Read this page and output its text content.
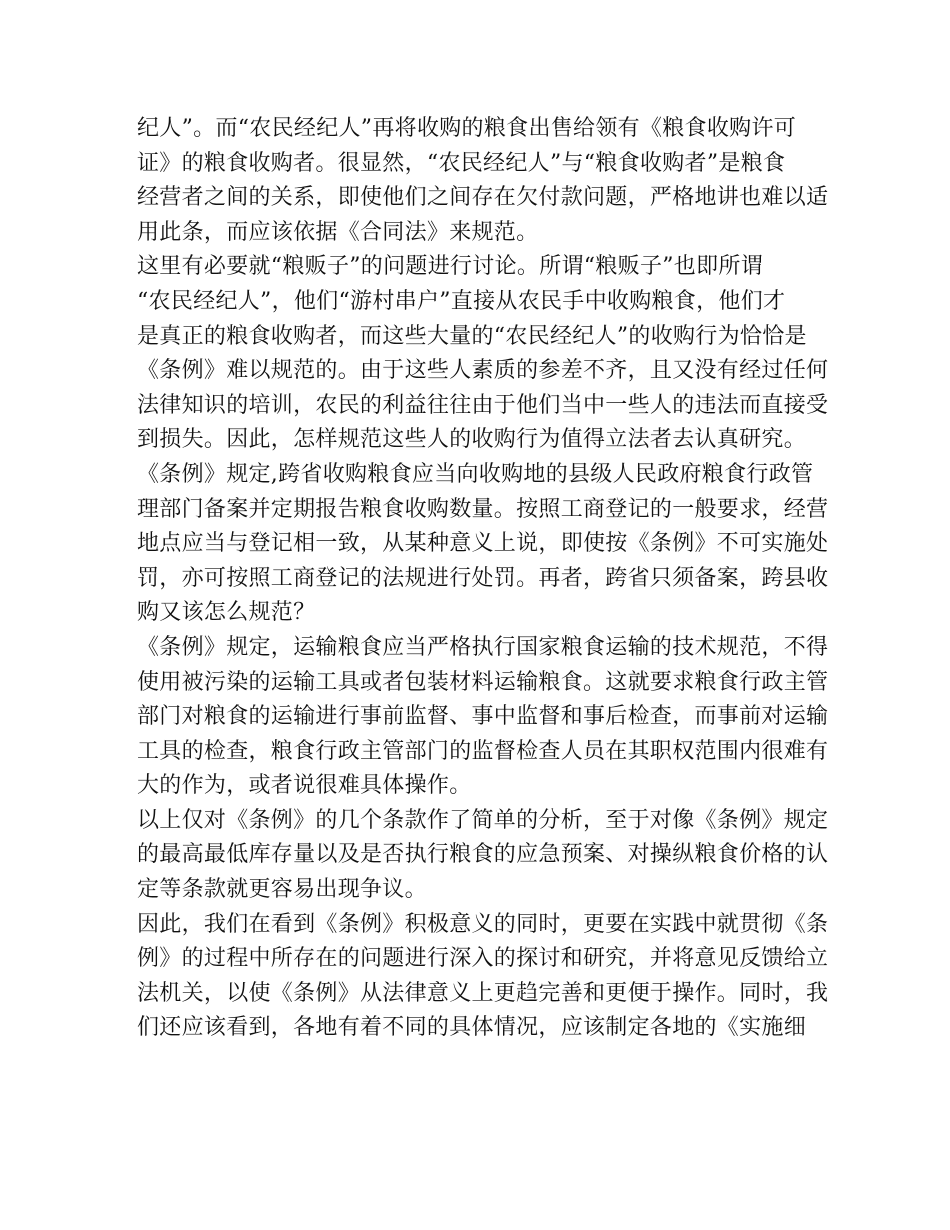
纪人”。而“农民经纪人”再将收购的粮食出售给领有《粮食收购许可
证》的粮食收购者。很显然，“农民经纪人”与“粮食收购者”是粮食
经营者之间的关系，即使他们之间存在欠付款问题，严格地讲也难以适
用此条，而应该依据《合同法》来规范。
这里有必要就“粮贩子”的问题进行讨论。所谓“粮贩子”也即所谓
“农民经纪人”，他们“游村串户”直接从农民手中收购粮食，他们才
是真正的粮食收购者，而这些大量的“农民经纪人”的收购行为恰恰是
《条例》难以规范的。由于这些人素质的参差不齐，且又没有经过任何
法律知识的培训，农民的利益往往由于他们当中一些人的违法而直接受
到损失。因此，怎样规范这些人的收购行为值得立法者去认真研究。
《条例》规定,跨省收购粮食应当向收购地的县级人民政府粮食行政管
理部门备案并定期报告粮食收购数量。按照工商登记的一般要求，经营
地点应当与登记相一致，从某种意义上说，即使按《条例》不可实施处
罚，亦可按照工商登记的法规进行处罚。再者，跨省只须备案，跨县收
购又该怎么规范？
《条例》规定，运输粮食应当严格执行国家粮食运输的技术规范，不得
使用被污染的运输工具或者包装材料运输粮食。这就要求粮食行政主管
部门对粮食的运输进行事前监督、事中监督和事后检查，而事前对运输
工具的检查，粮食行政主管部门的监督检查人员在其职权范围内很难有
大的作为，或者说很难具体操作。
以上仅对《条例》的几个条款作了简单的分析，至于对像《条例》规定
的最高最低库存量以及是否执行粮食的应急预案、对操纵粮食价格的认
定等条款就更容易出现争议。
因此，我们在看到《条例》积极意义的同时，更要在实践中就贯彻《条
例》的过程中所存在的问题进行深入的探讨和研究，并将意见反馈给立
法机关，以使《条例》从法律意义上更趋完善和更便于操作。同时，我
们还应该看到，各地有着不同的具体情况，应该制定各地的《实施细
